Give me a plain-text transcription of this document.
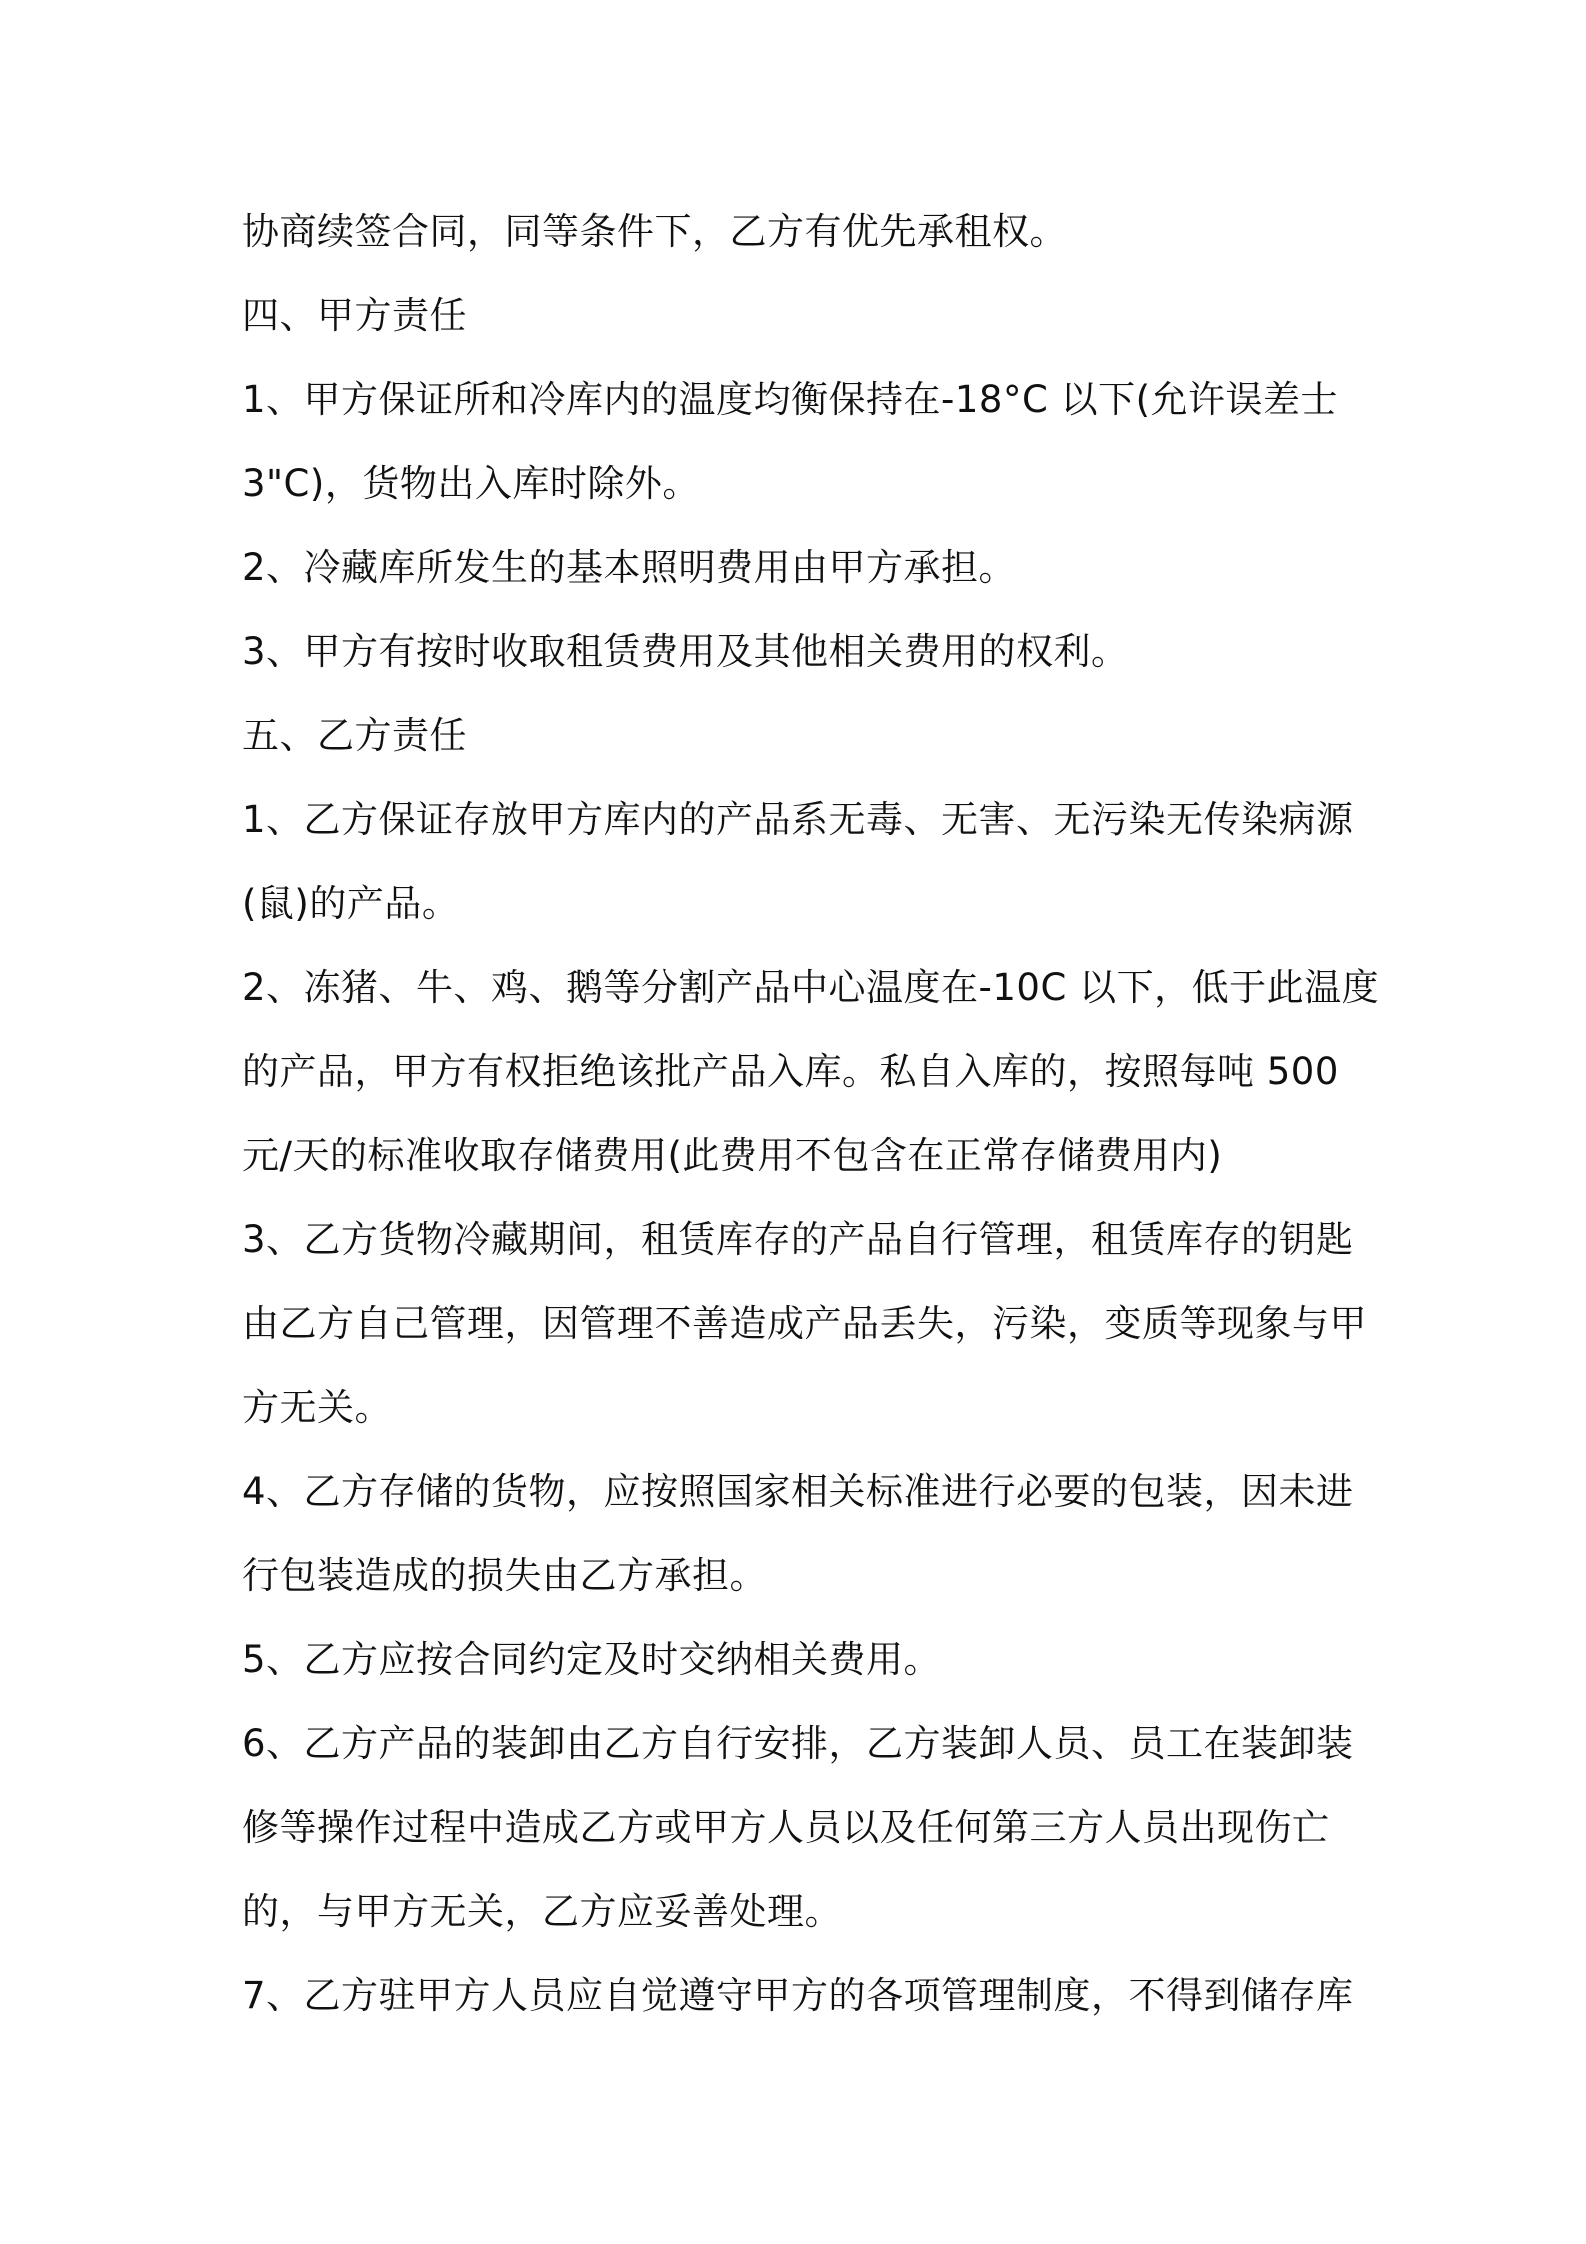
协商续签合同，同等条件下，乙方有优先承租权。
四、甲方责任
1、甲方保证所和冷库内的温度均衡保持在-18°C 以下(允许误差士
3"C)，货物出入库时除外。
2、冷藏库所发生的基本照明费用由甲方承担。
3、甲方有按时收取租赁费用及其他相关费用的权利。
五、乙方责任
1、乙方保证存放甲方库内的产品系无毒、无害、无污染无传染病源
(鼠)的产品。
2、冻猪、牛、鸡、鹅等分割产品中心温度在-10C 以下，低于此温度
的产品，甲方有权拒绝该批产品入库。私自入库的，按照每吨 500
元/天的标准收取存储费用(此费用不包含在正常存储费用内)
3、乙方货物冷藏期间，租赁库存的产品自行管理，租赁库存的钥匙
由乙方自己管理，因管理不善造成产品丢失，污染，变质等现象与甲
方无关。
4、乙方存储的货物，应按照国家相关标准进行必要的包装，因未进
行包装造成的损失由乙方承担。
5、乙方应按合同约定及时交纳相关费用。
6、乙方产品的装卸由乙方自行安排，乙方装卸人员、员工在装卸装
修等操作过程中造成乙方或甲方人员以及任何第三方人员出现伤亡
的，与甲方无关，乙方应妥善处理。
7、乙方驻甲方人员应自觉遵守甲方的各项管理制度，不得到储存库
